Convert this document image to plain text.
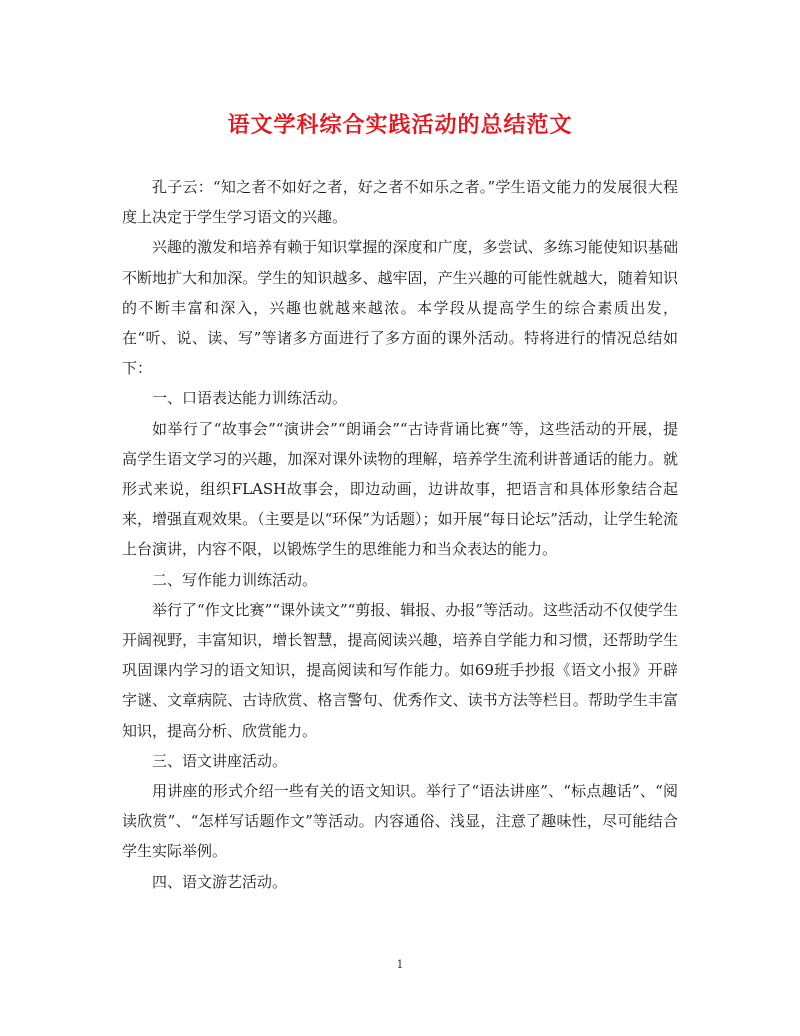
语文学科综合实践活动的总结范文

孔子云：“知之者不如好之者，好之者不如乐之者。”学生语文能力的发展很大程度上决定于学生学习语文的兴趣。

兴趣的激发和培养有赖于知识掌握的深度和广度，多尝试、多练习能使知识基础不断地扩大和加深。学生的知识越多、越牢固，产生兴趣的可能性就越大，随着知识的不断丰富和深入，兴趣也就越来越浓。本学段从提高学生的综合素质出发，在“听、说、读、写”等诸多方面进行了多方面的课外活动。特将进行的情况总结如下：

一、口语表达能力训练活动。

如举行了“故事会”“演讲会”“朗诵会”“古诗背诵比赛”等，这些活动的开展，提高学生语文学习的兴趣，加深对课外读物的理解，培养学生流利讲普通话的能力。就形式来说，组织FLASH故事会，即边动画，边讲故事，把语言和具体形象结合起来，增强直观效果。（主要是以“环保”为话题）；如开展“每日论坛”活动，让学生轮流上台演讲，内容不限，以锻炼学生的思维能力和当众表达的能力。

二、写作能力训练活动。

举行了“作文比赛”“课外读文”“剪报、辑报、办报”等活动。这些活动不仅使学生开阔视野，丰富知识，增长智慧，提高阅读兴趣，培养自学能力和习惯，还帮助学生巩固课内学习的语文知识，提高阅读和写作能力。如69班手抄报《语文小报》开辟字谜、文章病院、古诗欣赏、格言警句、优秀作文、读书方法等栏目。帮助学生丰富知识，提高分析、欣赏能力。

三、语文讲座活动。

用讲座的形式介绍一些有关的语文知识。举行了“语法讲座”、“标点趣话”、“阅读欣赏”、“怎样写话题作文”等活动。内容通俗、浅显，注意了趣味性，尽可能结合学生实际举例。

四、语文游艺活动。

1
